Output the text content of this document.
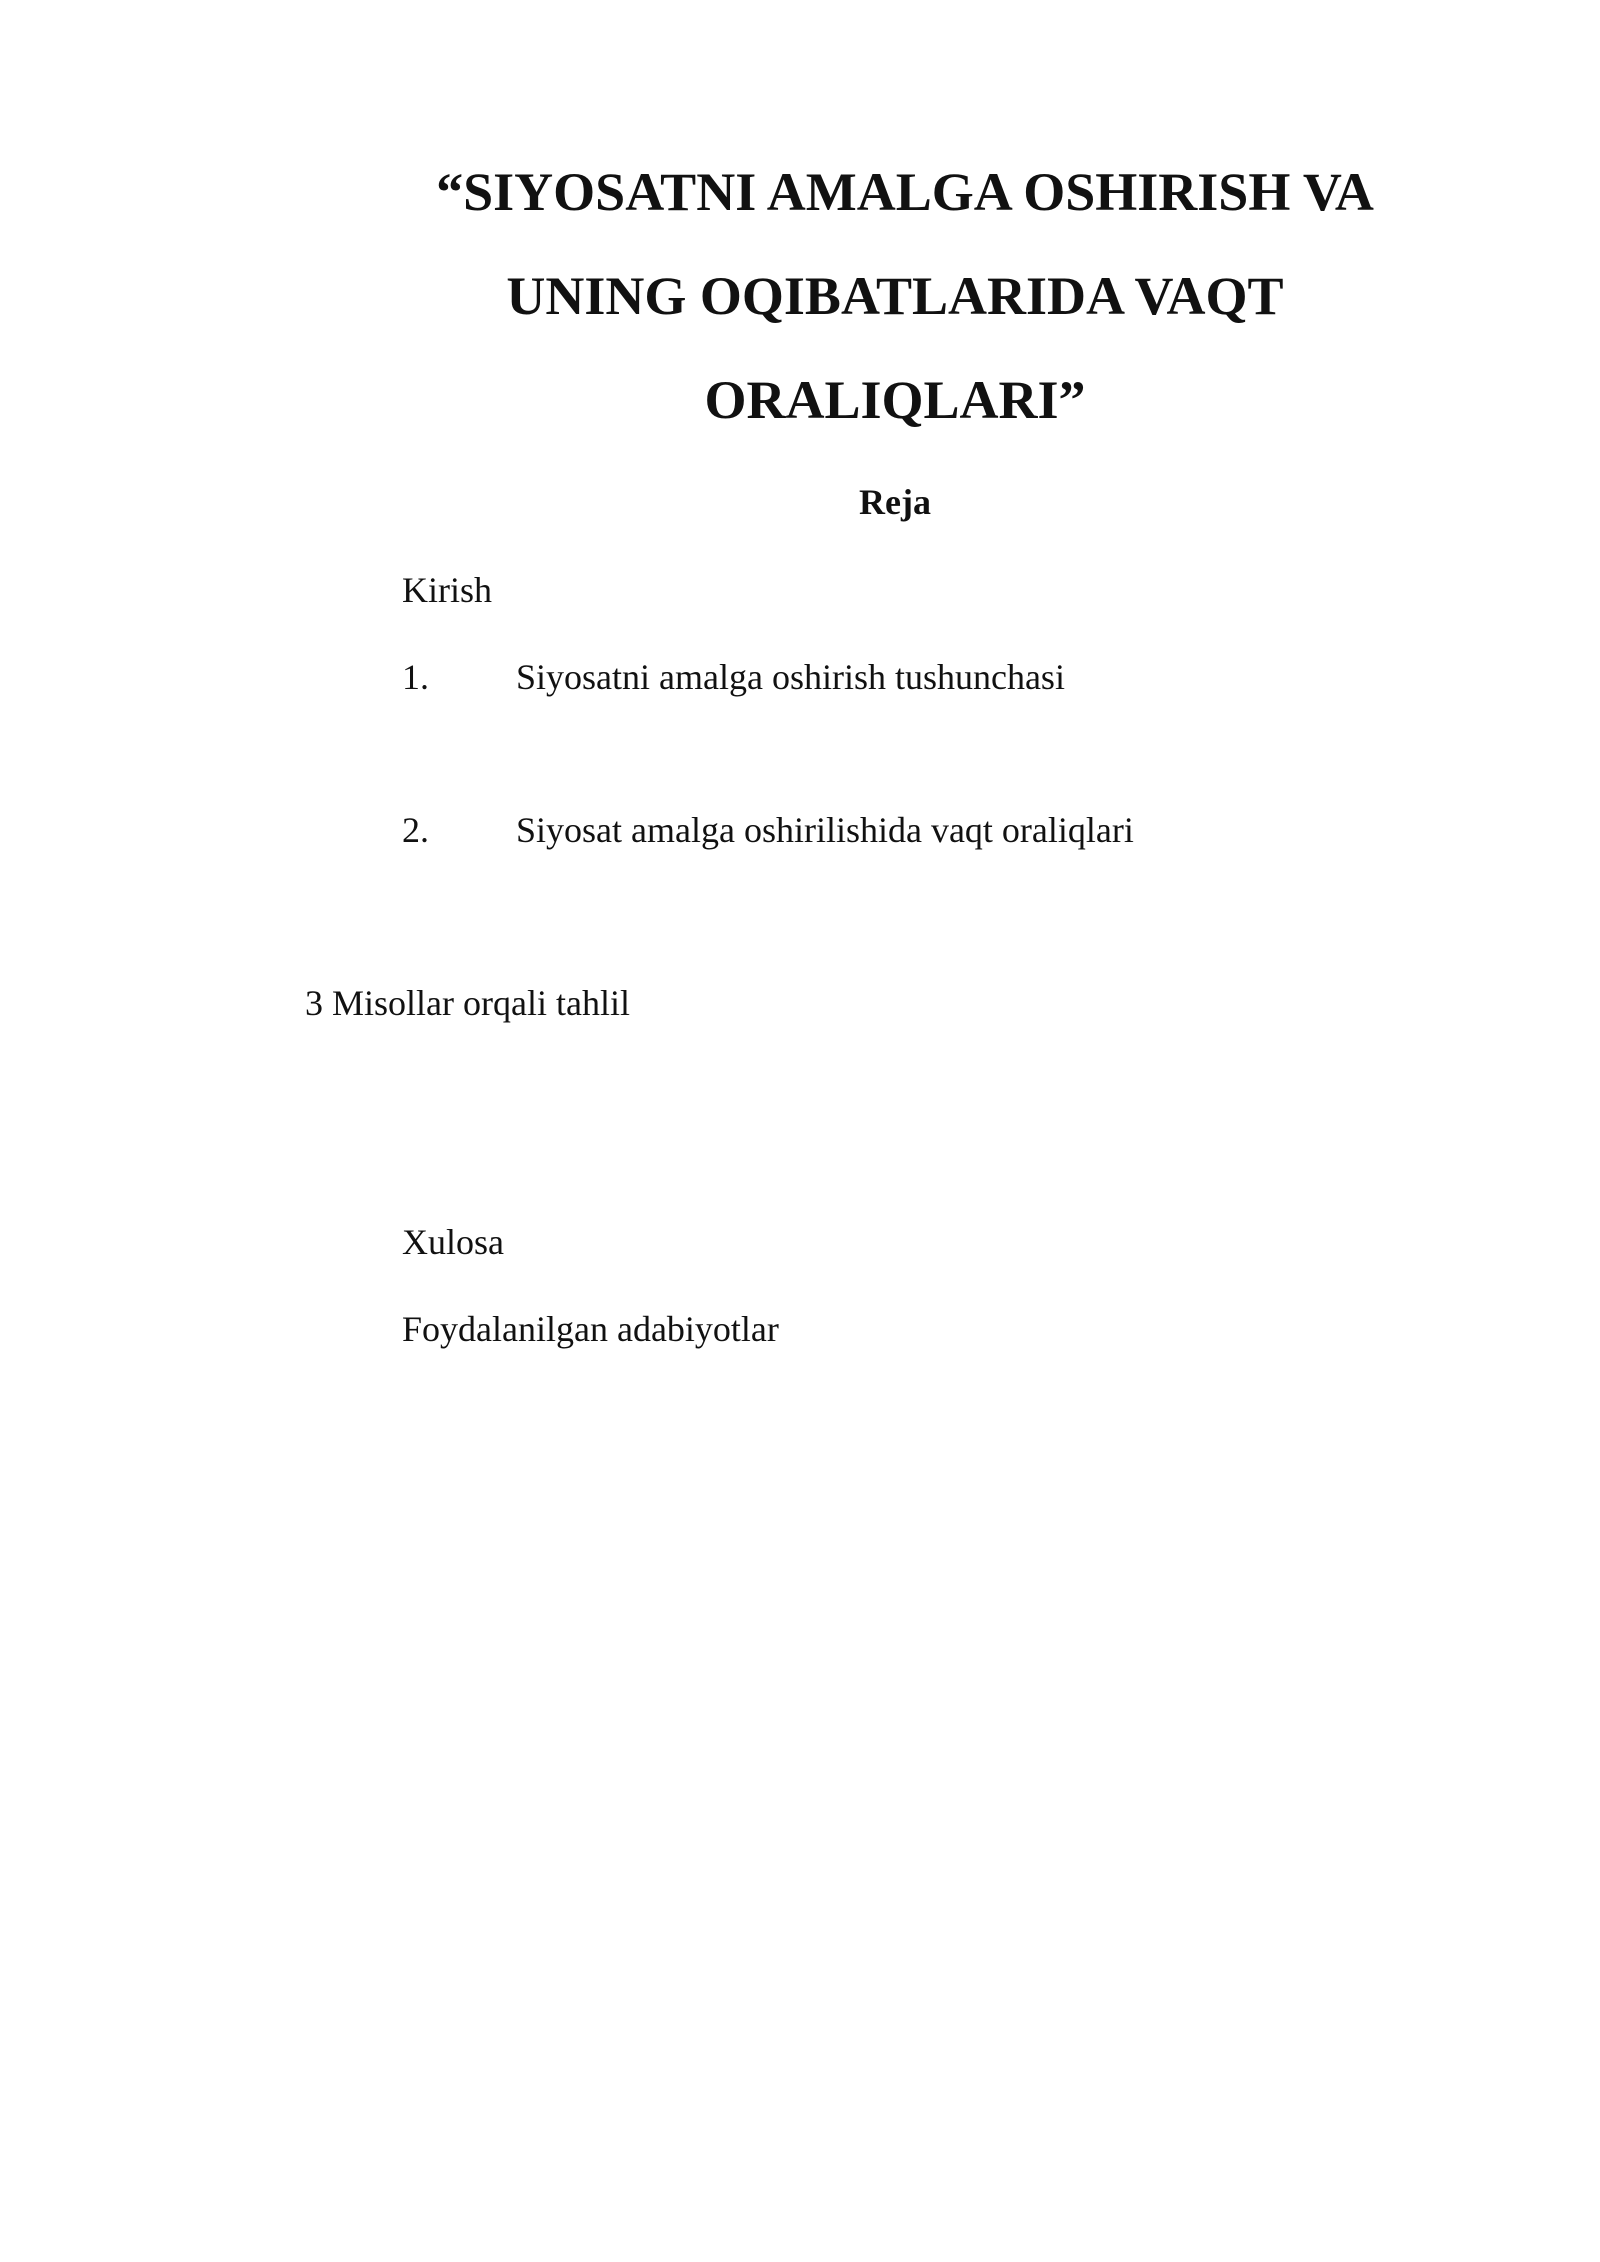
“SIYOSATNI AMALGA OSHIRISH VA
UNING OQIBATLARIDA VAQT
ORALIQLARI”
Reja

Kirish

1. Siyosatni amalga oshirish tushunchasi

2. Siyosat amalga oshirilishida vaqt oraliqlari

3 Misollar orqali tahlil

Xulosa

Foydalanilgan adabiyotlar
